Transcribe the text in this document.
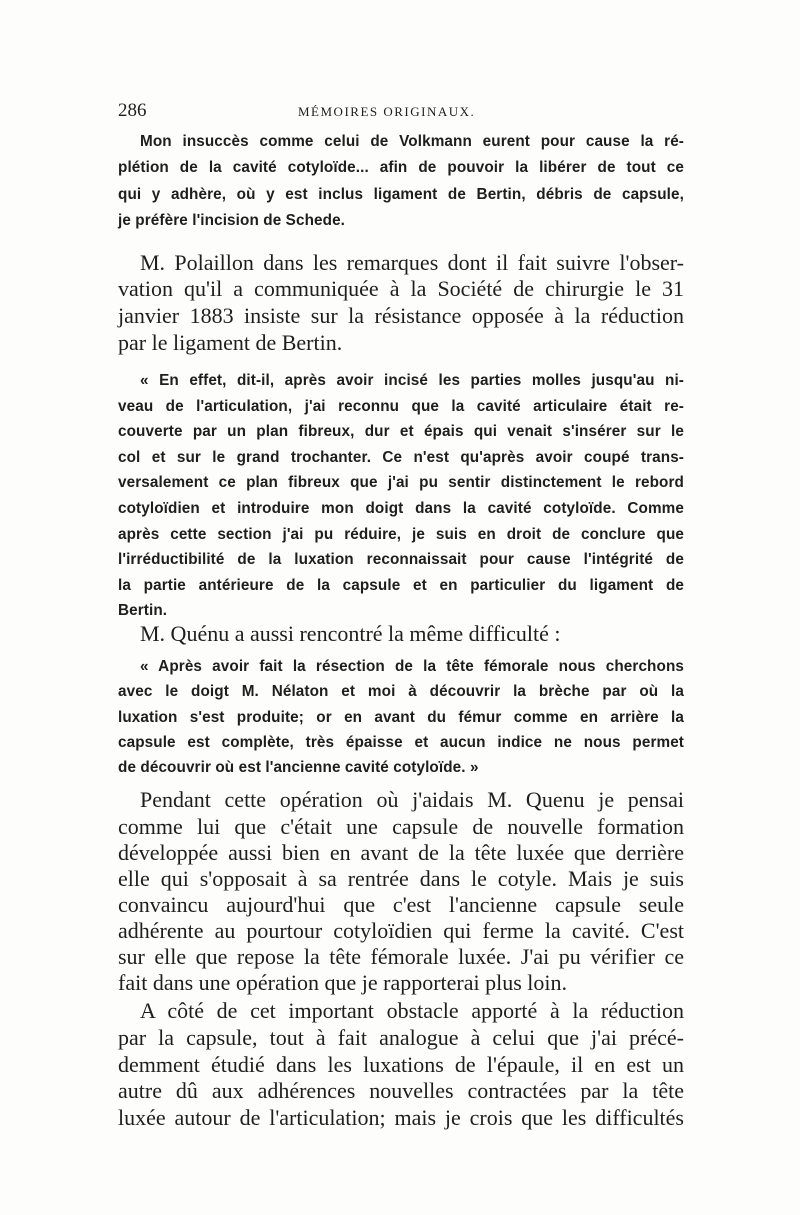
286	MÉMOIRES ORIGINAUX.
Mon insuccès comme celui de Volkmann eurent pour cause la ré-
plétion de la cavité cotyloïde... afin de pouvoir la libérer de tout ce
qui y adhère, où y est inclus ligament de Bertin, débris de capsule,
je préfère l'incision de Schede.
M. Polaillon dans les remarques dont il fait suivre l'obser-
vation qu'il a communiquée à la Société de chirurgie le 31
janvier 1883 insiste sur la résistance opposée à la réduction
par le ligament de Bertin.
« En effet, dit-il, après avoir incisé les parties molles jusqu'au ni-
veau de l'articulation, j'ai reconnu que la cavité articulaire était re-
couverte par un plan fibreux, dur et épais qui venait s'insérer sur le
col et sur le grand trochanter. Ce n'est qu'après avoir coupé trans-
versalement ce plan fibreux que j'ai pu sentir distinctement le rebord
cotyloïdien et introduire mon doigt dans la cavité cotyloïde. Comme
après cette section j'ai pu réduire, je suis en droit de conclure que
l'irréductibilité de la luxation reconnaissait pour cause l'intégrité de
la partie antérieure de la capsule et en particulier du ligament de
Bertin.
M. Quénu a aussi rencontré la même difficulté :
« Après avoir fait la résection de la tête fémorale nous cherchons
avec le doigt M. Nélaton et moi à découvrir la brèche par où la
luxation s'est produite; or en avant du fémur comme en arrière la
capsule est complète, très épaisse et aucun indice ne nous permet
de découvrir où est l'ancienne cavité cotyloïde. »
Pendant cette opération où j'aidais M. Quenu je pensai
comme lui que c'était une capsule de nouvelle formation
développée aussi bien en avant de la tête luxée que derrière
elle qui s'opposait à sa rentrée dans le cotyle. Mais je suis
convaincu aujourd'hui que c'est l'ancienne capsule seule
adhérente au pourtour cotyloïdien qui ferme la cavité. C'est
sur elle que repose la tête fémorale luxée. J'ai pu vérifier ce
fait dans une opération que je rapporterai plus loin.
A côté de cet important obstacle apporté à la réduction
par la capsule, tout à fait analogue à celui que j'ai précé-
demment étudié dans les luxations de l'épaule, il en est un
autre dû aux adhérences nouvelles contractées par la tête
luxée autour de l'articulation; mais je crois que les difficultés
